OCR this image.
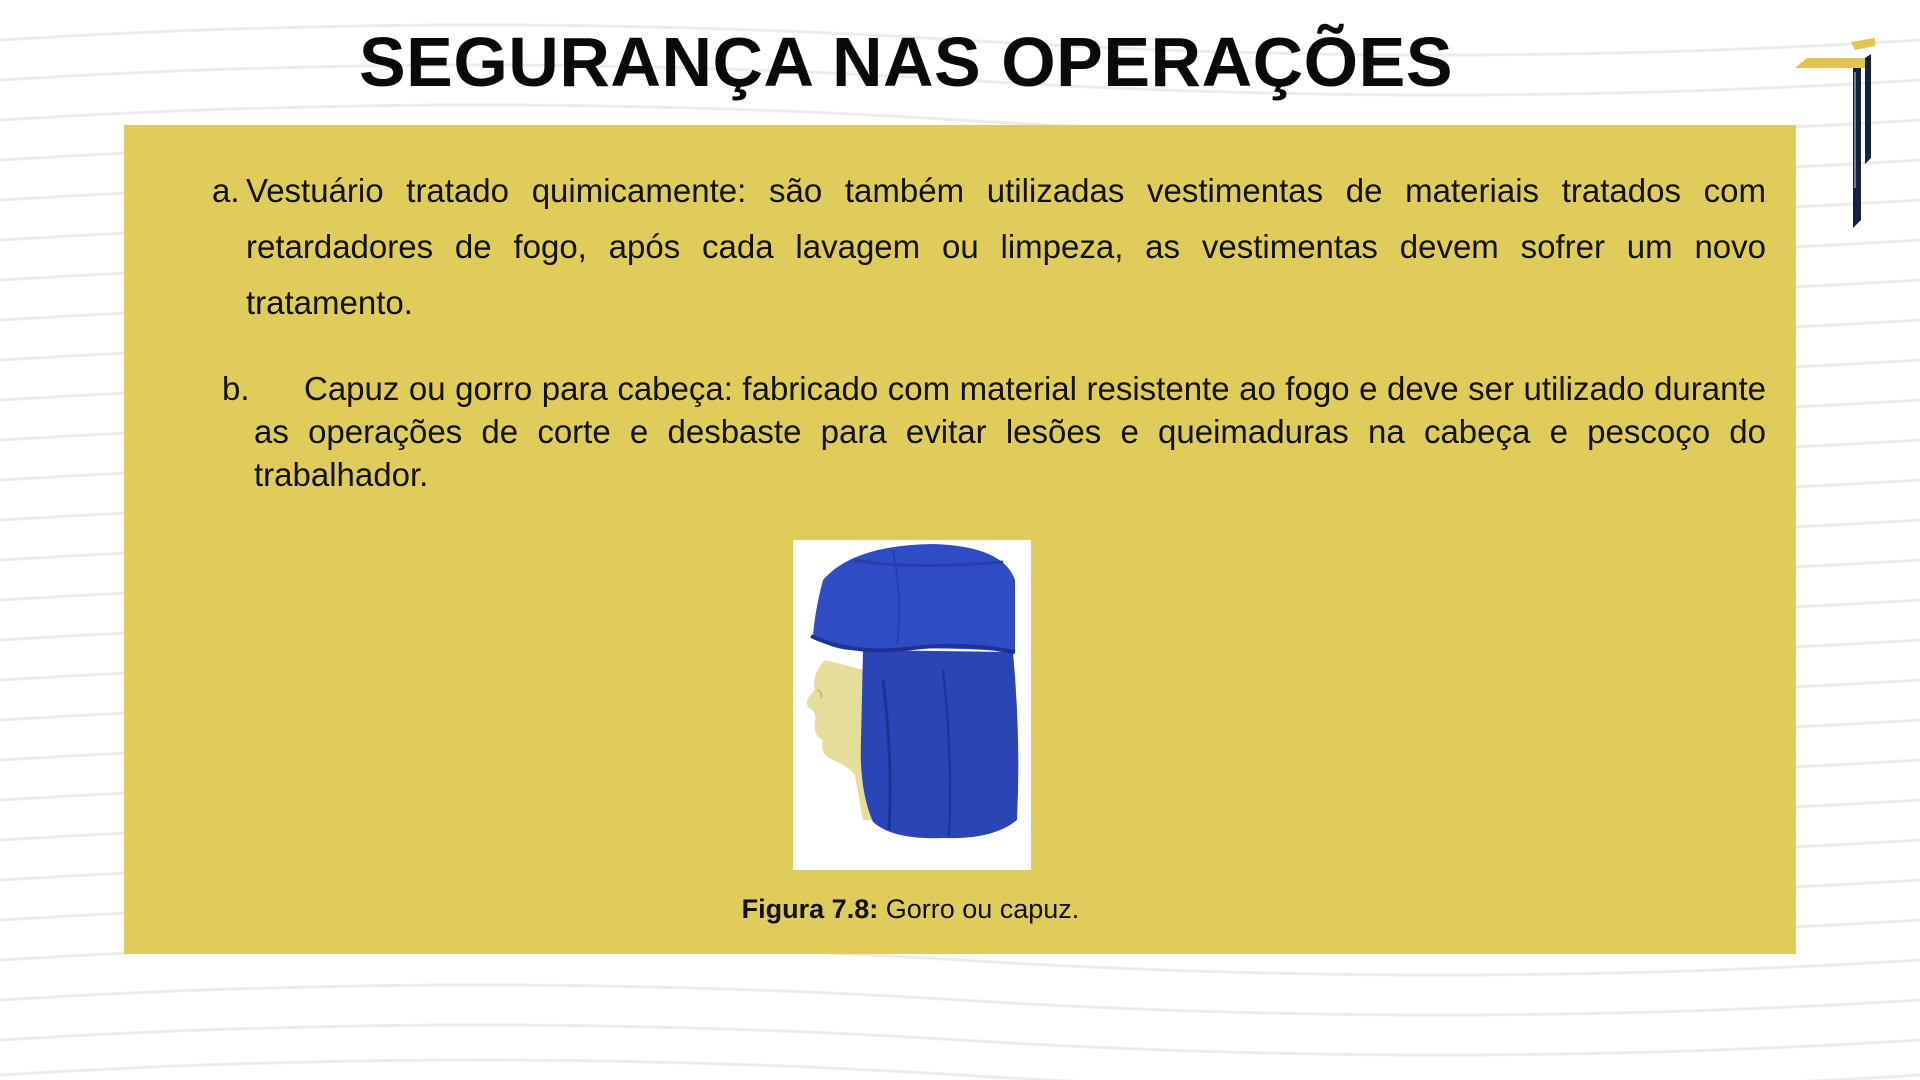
SEGURANÇA NAS OPERAÇÕES
a. Vestuário tratado quimicamente: são também utilizadas vestimentas de materiais tratados com retardadores de fogo, após cada lavagem ou limpeza, as vestimentas devem sofrer um novo tratamento.
b.	Capuz ou gorro para cabeça: fabricado com material resistente ao fogo e deve ser utilizado durante as operações de corte e desbaste para evitar lesões e queimaduras na cabeça e pescoço do trabalhador.
Figura 7.8: Gorro ou capuz.
